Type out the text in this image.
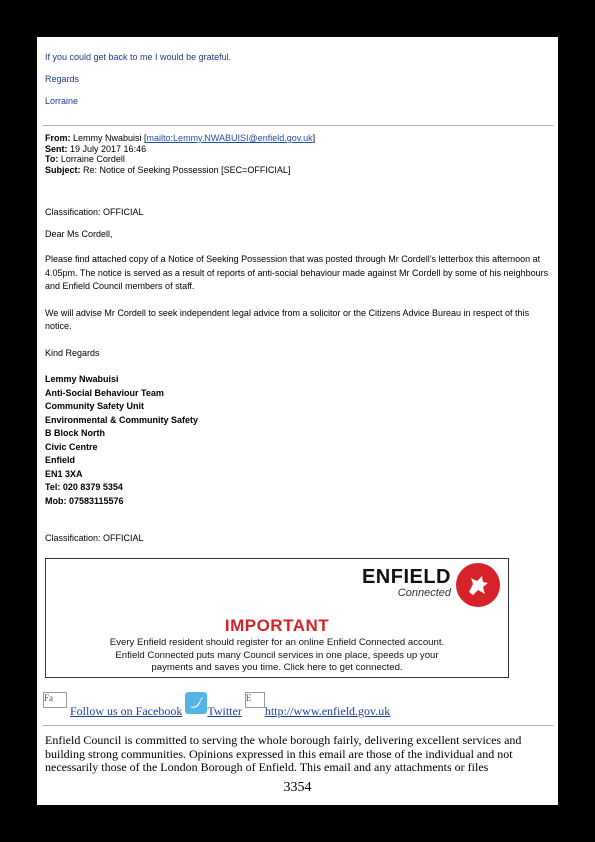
If you could get back to me I would be grateful.
Regards
Lorraine
From: Lemmy Nwabuisi [mailto:Lemmy.NWABUISI@enfield.gov.uk]
Sent: 19 July 2017 16:46
To: Lorraine Cordell
Subject: Re: Notice of Seeking Possession [SEC=OFFICIAL]

Classification: OFFICIAL

Dear Ms Cordell,

Please find attached copy of a Notice of Seeking Possession that was posted through Mr Cordell’s letterbox this afternoon at 4.05pm. The notice is served as a result of reports of anti-social behaviour made against Mr Cordell by some of his neighbours and Enfield Council members of staff.

We will advise Mr Cordell to seek independent legal advice from a solicitor or the Citizens Advice Bureau in respect of this notice.

Kind Regards

Lemmy Nwabuisi
Anti-Social Behaviour Team
Community Safety Unit
Environmental & Community Safety
B Block North
Civic Centre
Enfield
EN1 3XA
Tel: 020 8379 5354
Mob: 07583115576

Classification: OFFICIAL

ENFIELD
Connected
IMPORTANT
Every Enfield resident should register for an online Enfield Connected account.
Enfield Connected puts many Council services in one place, speeds up your
payments and saves you time. Click here to get connected.
Fa Follow us on Facebook Twitter Ehttp://www.enfield.gov.uk
Enfield Council is committed to serving the whole borough fairly, delivering excellent services and building strong communities. Opinions expressed in this email are those of the individual and not necessarily those of the London Borough of Enfield. This email and any attachments or files
3354
